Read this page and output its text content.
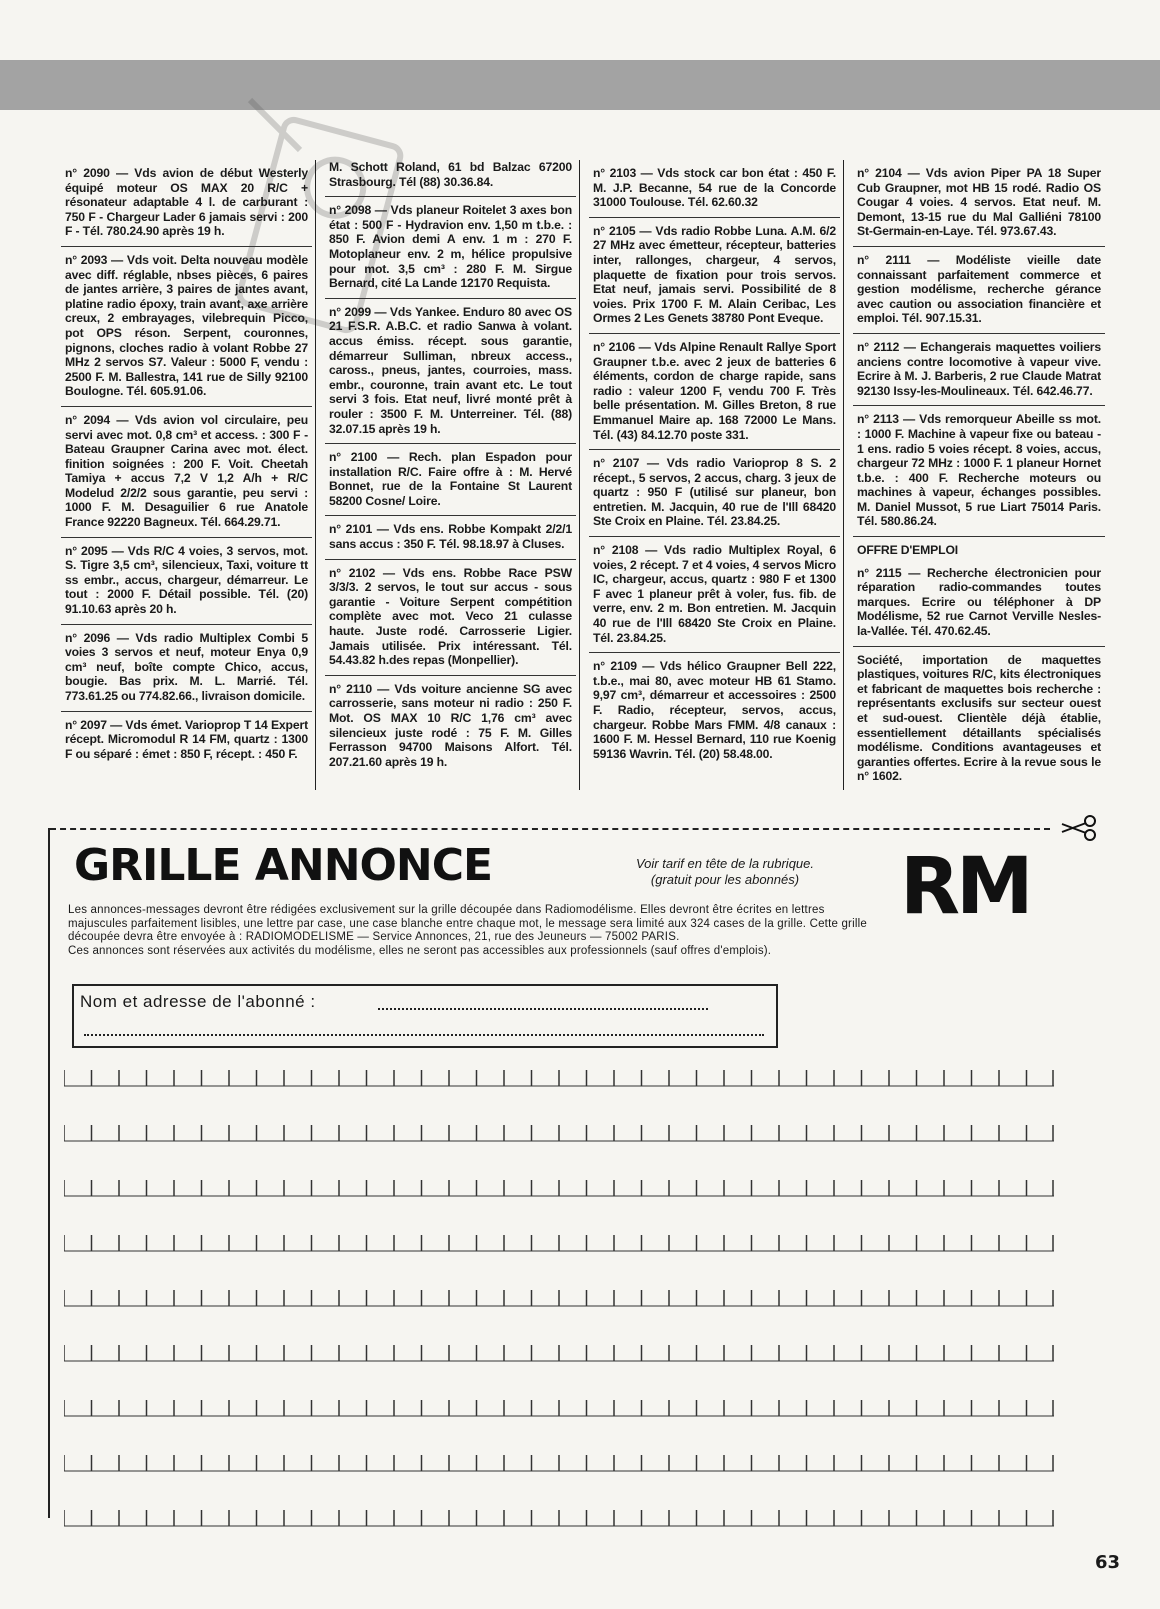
n° 2090 — Vds avion de début Westerly équipé moteur OS MAX 20 R/C + résonateur adaptable 4 l. de carburant : 750 F - Chargeur Lader 6 jamais servi : 200 F - Tél. 780.24.90 après 19 h.
n° 2093 — Vds voit. Delta nouveau modèle avec diff. réglable, nbses pièces, 6 paires de jantes arrière, 3 paires de jantes avant, platine radio époxy, train avant, axe arrière creux, 2 embrayages, vilebrequin Picco, pot OPS réson. Serpent, couronnes, pignons, cloches radio à volant Robbe 27 MHz 2 servos S7. Valeur : 5000 F, vendu : 2500 F. M. Ballestra, 141 rue de Silly 92100 Boulogne. Tél. 605.91.06.
n° 2094 — Vds avion vol circulaire, peu servi avec mot. 0,8 cm³ et access. : 300 F - Bateau Graupner Carina avec mot. élect. finition soignées : 200 F. Voit. Cheetah Tamiya + accus 7,2 V 1,2 A/h + R/C Modelud 2/2/2 sous garantie, peu servi : 1000 F. M. Desaguilier 6 rue Anatole France 92220 Bagneux. Tél. 664.29.71.
n° 2095 — Vds R/C 4 voies, 3 servos, mot. S. Tigre 3,5 cm³, silencieux, Taxi, voiture tt ss embr., accus, chargeur, démarreur. Le tout : 2000 F. Détail possible. Tél. (20) 91.10.63 après 20 h.
n° 2096 — Vds radio Multiplex Combi 5 voies 3 servos et neuf, moteur Enya 0,9 cm³ neuf, boîte compte Chico, accus, bougie. Bas prix. M. L. Marrié. Tél. 773.61.25 ou 774.82.66., livraison domicile.
n° 2097 — Vds émet. Varioprop T 14 Expert récept. Micromodul R 14 FM, quartz : 1300 F ou séparé : émet : 850 F, récept. : 450 F.
M. Schott Roland, 61 bd Balzac 67200 Strasbourg. Tél (88) 30.36.84.
n° 2098 — Vds planeur Roitelet 3 axes bon état : 500 F - Hydravion env. 1,50 m t.b.e. : 850 F. Avion demi A env. 1 m : 270 F. Motoplaneur env. 2 m, hélice propulsive pour mot. 3,5 cm³ : 280 F. M. Sirgue Bernard, cité La Lande 12170 Requista.
n° 2099 — Vds Yankee. Enduro 80 avec OS 21 F.S.R. A.B.C. et radio Sanwa à volant. accus émiss. récept. sous garantie, démarreur Sulliman, nbreux access., caross., pneus, jantes, courroies, mass. embr., couronne, train avant etc. Le tout servi 3 fois. Etat neuf, livré monté prêt à rouler : 3500 F. M. Unterreiner. Tél. (88) 32.07.15 après 19 h.
n° 2100 — Rech. plan Espadon pour installation R/C. Faire offre à : M. Hervé Bonnet, rue de la Fontaine St Laurent 58200 Cosne/ Loire.
n° 2101 — Vds ens. Robbe Kompakt 2/2/1 sans accus : 350 F. Tél. 98.18.97 à Cluses.
n° 2102 — Vds ens. Robbe Race PSW 3/3/3. 2 servos, le tout sur accus - sous garantie - Voiture Serpent compétition complète avec mot. Veco 21 culasse haute. Juste rodé. Carrosserie Ligier. Jamais utilisée. Prix intéressant. Tél. 54.43.82 h.des repas (Monpellier).
n° 2110 — Vds voiture ancienne SG avec carrosserie, sans moteur ni radio : 250 F. Mot. OS MAX 10 R/C 1,76 cm³ avec silencieux juste rodé : 75 F. M. Gilles Ferrasson 94700 Maisons Alfort. Tél. 207.21.60 après 19 h.
n° 2103 — Vds stock car bon état : 450 F. M. J.P. Becanne, 54 rue de la Concorde 31000 Toulouse. Tél. 62.60.32
n° 2105 — Vds radio Robbe Luna. A.M. 6/2 27 MHz avec émetteur, récepteur, batteries inter, rallonges, chargeur, 4 servos, plaquette de fixation pour trois servos. Etat neuf, jamais servi. Possibilité de 8 voies. Prix 1700 F. M. Alain Ceribac, Les Ormes 2 Les Genets 38780 Pont Eveque.
n° 2106 — Vds Alpine Renault Rallye Sport Graupner t.b.e. avec 2 jeux de batteries 6 éléments, cordon de charge rapide, sans radio : valeur 1200 F, vendu 700 F. Très belle présentation. M. Gilles Breton, 8 rue Emmanuel Maire ap. 168 72000 Le Mans. Tél. (43) 84.12.70 poste 331.
n° 2107 — Vds radio Varioprop 8 S. 2 récept., 5 servos, 2 accus, charg. 3 jeux de quartz : 950 F (utilisé sur planeur, bon entretien. M. Jacquin, 40 rue de l'Ill 68420 Ste Croix en Plaine. Tél. 23.84.25.
n° 2108 — Vds radio Multiplex Royal, 6 voies, 2 récept. 7 et 4 voies, 4 servos Micro IC, chargeur, accus, quartz : 980 F et 1300 F avec 1 planeur prêt à voler, fus. fib. de verre, env. 2 m. Bon entretien. M. Jacquin 40 rue de l'Ill 68420 Ste Croix en Plaine. Tél. 23.84.25.
n° 2109 — Vds hélico Graupner Bell 222, t.b.e., mai 80, avec moteur HB 61 Stamo. 9,97 cm³, démarreur et accessoires : 2500 F. Radio, récepteur, servos, accus, chargeur. Robbe Mars FMM. 4/8 canaux : 1600 F. M. Hessel Bernard, 110 rue Koenig 59136 Wavrin. Tél. (20) 58.48.00.
n° 2104 — Vds avion Piper PA 18 Super Cub Graupner, mot HB 15 rodé. Radio OS Cougar 4 voies. 4 servos. Etat neuf. M. Demont, 13-15 rue du Mal Galliéni 78100 St-Germain-en-Laye. Tél. 973.67.43.
n° 2111 — Modéliste vieille date connaissant parfaitement commerce et gestion modélisme, recherche gérance avec caution ou association financière et emploi. Tél. 907.15.31.
n° 2112 — Echangerais maquettes voiliers anciens contre locomotive à vapeur vive. Ecrire à M. J. Barberis, 2 rue Claude Matrat 92130 Issy-les-Moulineaux. Tél. 642.46.77.
n° 2113 — Vds remorqueur Abeille ss mot. : 1000 F. Machine à vapeur fixe ou bateau - 1 ens. radio 5 voies récept. 8 voies, accus, chargeur 72 MHz : 1000 F. 1 planeur Hornet t.b.e. : 400 F. Recherche moteurs ou machines à vapeur, échanges possibles. M. Daniel Mussot, 5 rue Liart 75014 Paris. Tél. 580.86.24.
OFFRE D'EMPLOI
n° 2115 — Recherche électronicien pour réparation radio-commandes toutes marques. Ecrire ou téléphoner à DP Modélisme, 52 rue Carnot Verville Nesles-la-Vallée. Tél. 470.62.45.
Société, importation de maquettes plastiques, voitures R/C, kits électroniques et fabricant de maquettes bois recherche : représentants exclusifs sur secteur ouest et sud-ouest. Clientèle déjà établie, essentiellement détaillants spécialisés modélisme. Conditions avantageuses et garanties offertes. Ecrire à la revue sous le n° 1602.
GRILLE ANNONCE	Voir tarif en tête de la rubrique.
(gratuit pour les abonnés)	RM

Les annonces-messages devront être rédigées exclusivement sur la grille découpée dans Radiomodélisme. Elles devront être écrites en lettres majuscules parfaitement lisibles, une lettre par case, une case blanche entre chaque mot, le message sera limité aux 324 cases de la grille. Cette grille découpée devra être envoyée à : RADIOMODELISME — Service Annonces, 21, rue des Jeuneurs — 75002 PARIS.

Ces annonces sont réservées aux activités du modélisme, elles ne seront pas accessibles aux professionnels (sauf offres d'emplois).

Nom et adresse de l'abonné :
63
